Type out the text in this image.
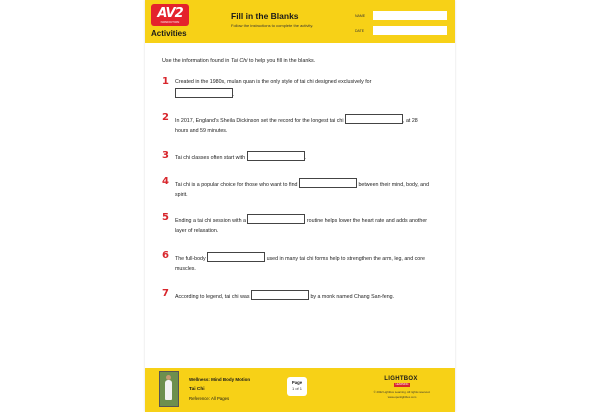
AV2
NONFICTION
Activities
Fill in the Blanks
Follow the instructions to complete the activity.
NAME
DATE
Use the information found in Tai Chi to help you fill in the blanks.
1 Created in the 1980s, mulan quan is the only style of tai chi designed exclusively for .
2 In 2017, England's Sheila Dickinson set the record for the longest tai chi	, at 28 hours and 59 minutes.
3 Tai chi classes often start with	.
4 Tai chi is a popular choice for those who want to find	between their mind, body, and spirit.
5 Ending a tai chi session with a	routine helps lower the heart rate and adds another layer of relaxation.
6 The full-body	used in many tai chi forms help to strengthen the arm, leg, and core muscles.
7 According to legend, tai chi was	by a monk named Chang San-feng.
Wellness: Mind Body Motion
Tai Chi
Reference: All Pages
Page
1 of 1
LIGHTBOX
LEARNING
© 2022 Lightbox Learning. All rights reserved.
www.openlightbox.com
